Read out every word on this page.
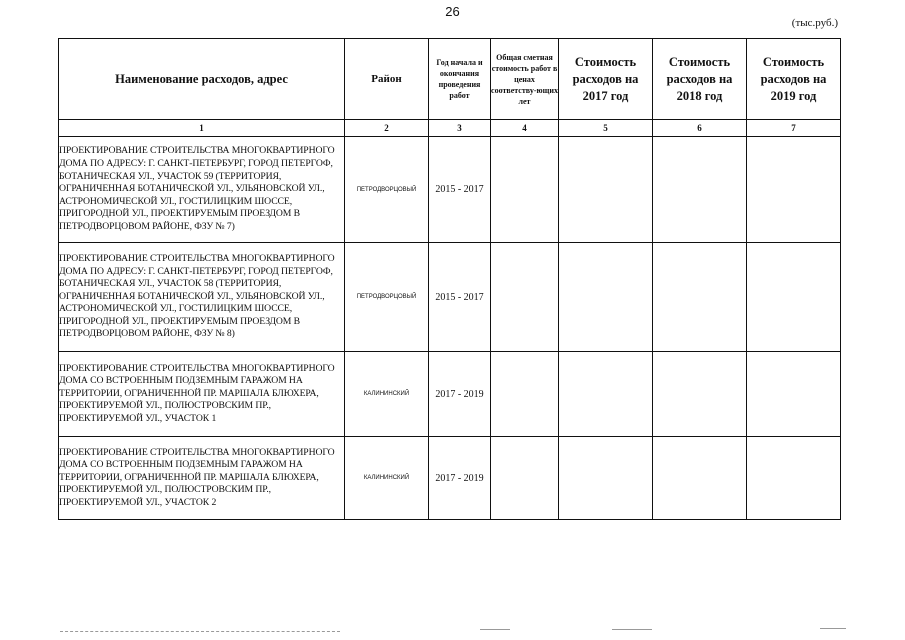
26
(тыс.руб.)
Наименование расходов, адрес	Район	Год начала и окончания проведения работ	Общая сметная стоимость работ в ценах соответству-ющих лет	Стоимость расходов на 2017 год	Стоимость расходов на 2018 год	Стоимость расходов на 2019 год
1	2	3	4	5	6	7
ПРОЕКТИРОВАНИЕ СТРОИТЕЛЬСТВА МНОГОКВАРТИРНОГО ДОМА ПО АДРЕСУ: Г. САНКТ-ПЕТЕРБУРГ, ГОРОД ПЕТЕРГОФ, БОТАНИЧЕСКАЯ УЛ., УЧАСТОК 59 (ТЕРРИТОРИЯ, ОГРАНИЧЕННАЯ БОТАНИЧЕСКОЙ УЛ., УЛЬЯНОВСКОЙ УЛ., АСТРОНОМИЧЕСКОЙ УЛ., ГОСТИЛИЦКИМ ШОССЕ, ПРИГОРОДНОЙ УЛ., ПРОЕКТИРУЕМЫМ ПРОЕЗДОМ В ПЕТРОДВОРЦОВОМ РАЙОНЕ, ФЗУ № 7)	ПЕТРОДВОРЦОВЫЙ	2015 - 2017				
ПРОЕКТИРОВАНИЕ СТРОИТЕЛЬСТВА МНОГОКВАРТИРНОГО ДОМА ПО АДРЕСУ: Г. САНКТ-ПЕТЕРБУРГ, ГОРОД ПЕТЕРГОФ, БОТАНИЧЕСКАЯ УЛ., УЧАСТОК 58 (ТЕРРИТОРИЯ, ОГРАНИЧЕННАЯ БОТАНИЧЕСКОЙ УЛ., УЛЬЯНОВСКОЙ УЛ., АСТРОНОМИЧЕСКОЙ УЛ., ГОСТИЛИЦКИМ ШОССЕ, ПРИГОРОДНОЙ УЛ., ПРОЕКТИРУЕМЫМ ПРОЕЗДОМ В ПЕТРОДВОРЦОВОМ РАЙОНЕ, ФЗУ № 8)	ПЕТРОДВОРЦОВЫЙ	2015 - 2017				
ПРОЕКТИРОВАНИЕ СТРОИТЕЛЬСТВА МНОГОКВАРТИРНОГО ДОМА СО ВСТРОЕННЫМ ПОДЗЕМНЫМ ГАРАЖОМ НА ТЕРРИТОРИИ, ОГРАНИЧЕННОЙ ПР. МАРШАЛА БЛЮХЕРА, ПРОЕКТИРУЕМОЙ УЛ., ПОЛЮСТРОВСКИМ ПР., ПРОЕКТИРУЕМОЙ УЛ., УЧАСТОК 1	КАЛИНИНСКИЙ	2017 - 2019				
ПРОЕКТИРОВАНИЕ СТРОИТЕЛЬСТВА МНОГОКВАРТИРНОГО ДОМА СО ВСТРОЕННЫМ ПОДЗЕМНЫМ ГАРАЖОМ НА ТЕРРИТОРИИ, ОГРАНИЧЕННОЙ ПР. МАРШАЛА БЛЮХЕРА, ПРОЕКТИРУЕМОЙ УЛ., ПОЛЮСТРОВСКИМ ПР., ПРОЕКТИРУЕМОЙ УЛ., УЧАСТОК 2	КАЛИНИНСКИЙ	2017 - 2019				
